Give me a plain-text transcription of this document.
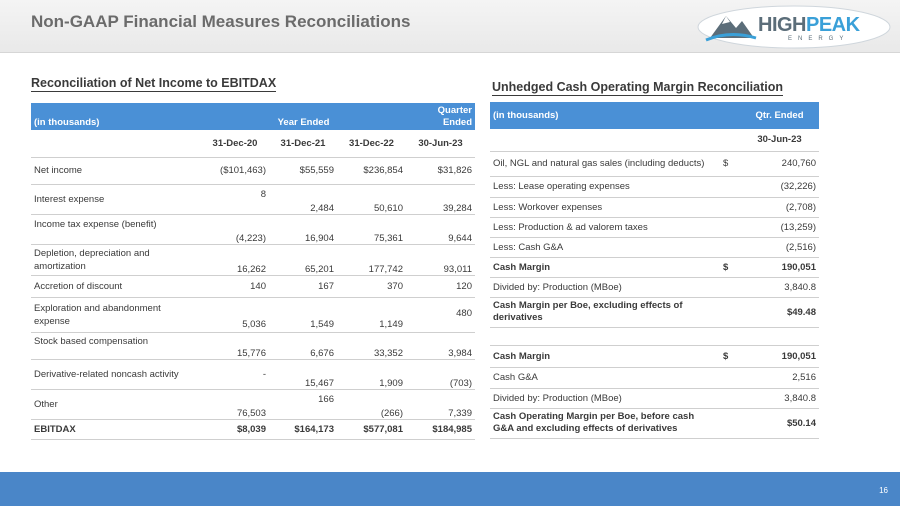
Non-GAAP Financial Measures Reconciliations	HIGHPEAK
ENERGY
Reconciliation of Net Income to EBITDAX
(in thousands)	Year Ended			Quarter Ended
	31-Dec-20	31-Dec-21	31-Dec-22	30-Jun-23
Net income	($101,463)	$55,559	$236,854	$31,826
Interest expense	8	2,484	50,610	39,284
Income tax expense (benefit)	(4,223)	16,904	75,361	9,644
Depletion, depreciation and amortization	16,262	65,201	177,742	93,011
Accretion of discount	140	167	370	120
Exploration and abandonment expense	5,036	1,549	1,149	480
Stock based compensation	15,776	6,676	33,352	3,984
Derivative-related noncash activity	-	15,467	1,909	(703)
Other	76,503	166	(266)	7,339
EBITDAX	$8,039	$164,173	$577,081	$184,985
Unhedged Cash Operating Margin Reconciliation
(in thousands)		Qtr. Ended
		30-Jun-23
Oil, NGL and natural gas sales (including deducts)	$	240,760
Less: Lease operating expenses		(32,226)
Less: Workover expenses		(2,708)
Less: Production & ad valorem taxes		(13,259)
Less: Cash G&A		(2,516)
Cash Margin	$	190,051
Divided by: Production (MBoe)		3,840.8
Cash Margin per Boe, excluding effects of derivatives		$49.48

Cash Margin	$	190,051
Cash G&A		2,516
Divided by: Production (MBoe)		3,840.8
Cash Operating Margin per Boe, before cash G&A and excluding effects of derivatives		$50.14
16
